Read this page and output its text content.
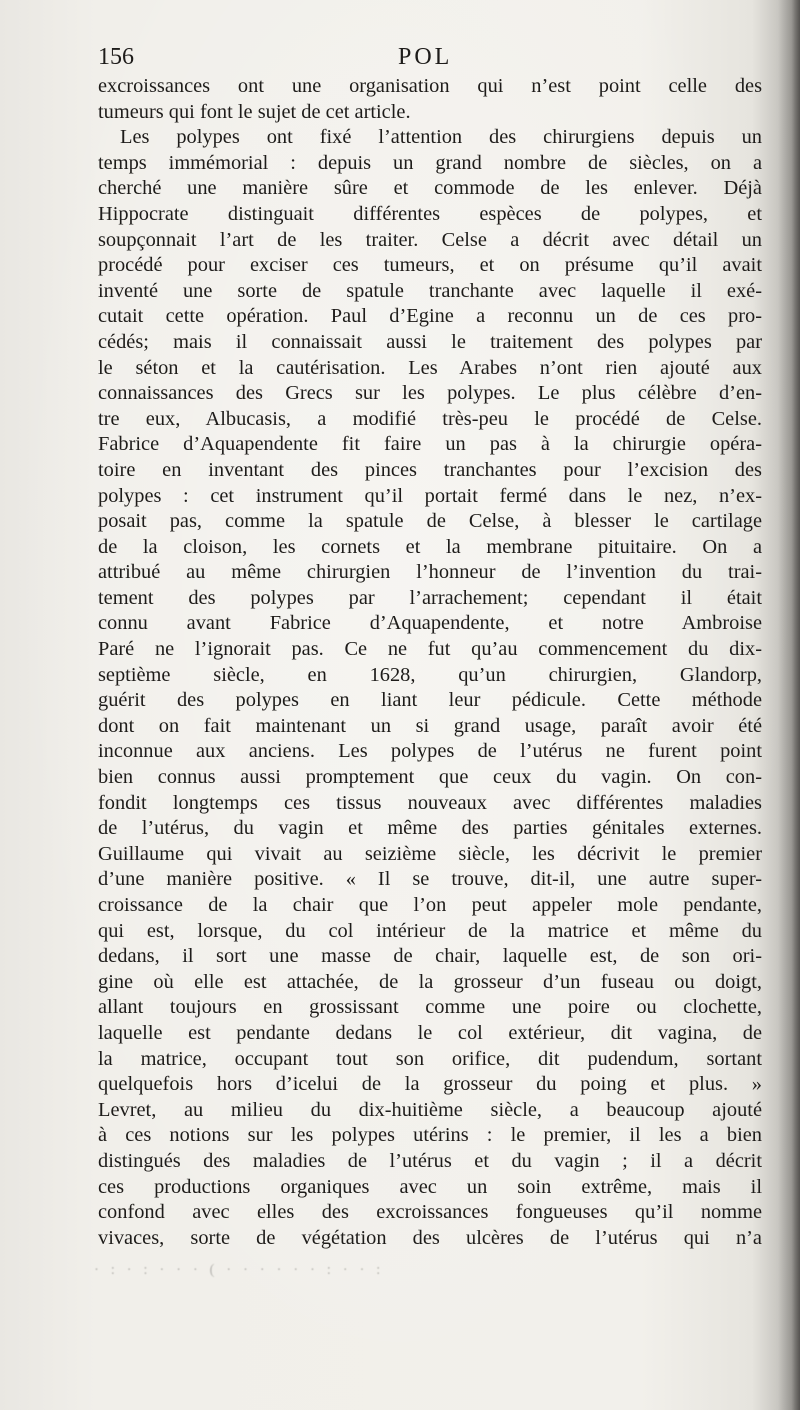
156	POL
excroissances ont une organisation qui n’est point celle des
tumeurs qui font le sujet de cet article.
Les polypes ont fixé l’attention des chirurgiens depuis un
temps immémorial : depuis un grand nombre de siècles, on a
cherché une manière sûre et commode de les enlever. Déjà
Hippocrate distinguait différentes espèces de polypes, et
soupçonnait l’art de les traiter. Celse a décrit avec détail un
procédé pour exciser ces tumeurs, et on présume qu’il avait
inventé une sorte de spatule tranchante avec laquelle il exé-
cutait cette opération. Paul d’Egine a reconnu un de ces pro-
cédés; mais il connaissait aussi le traitement des polypes par
le séton et la cautérisation. Les Arabes n’ont rien ajouté aux
connaissances des Grecs sur les polypes. Le plus célèbre d’en-
tre eux, Albucasis, a modifié très-peu le procédé de Celse.
Fabrice d’Aquapendente fit faire un pas à la chirurgie opéra-
toire en inventant des pinces tranchantes pour l’excision des
polypes : cet instrument qu’il portait fermé dans le nez, n’ex-
posait pas, comme la spatule de Celse, à blesser le cartilage
de la cloison, les cornets et la membrane pituitaire. On a
attribué au même chirurgien l’honneur de l’invention du trai-
tement des polypes par l’arrachement; cependant il était
connu avant Fabrice d’Aquapendente, et notre Ambroise
Paré ne l’ignorait pas. Ce ne fut qu’au commencement du dix-
septième siècle, en 1628, qu’un chirurgien, Glandorp,
guérit des polypes en liant leur pédicule. Cette méthode
dont on fait maintenant un si grand usage, paraît avoir été
inconnue aux anciens. Les polypes de l’utérus ne furent point
bien connus aussi promptement que ceux du vagin. On con-
fondit longtemps ces tissus nouveaux avec différentes maladies
de l’utérus, du vagin et même des parties génitales externes.
Guillaume qui vivait au seizième siècle, les décrivit le premier
d’une manière positive. « Il se trouve, dit-il, une autre super-
croissance de la chair que l’on peut appeler mole pendante,
qui est, lorsque, du col intérieur de la matrice et même du
dedans, il sort une masse de chair, laquelle est, de son ori-
gine où elle est attachée, de la grosseur d’un fuseau ou doigt,
allant toujours en grossissant comme une poire ou clochette,
laquelle est pendante dedans le col extérieur, dit vagina, de
la matrice, occupant tout son orifice, dit pudendum, sortant
quelquefois hors d’icelui de la grosseur du poing et plus. »
Levret, au milieu du dix-huitième siècle, a beaucoup ajouté
à ces notions sur les polypes utérins : le premier, il les a bien
distingués des maladies de l’utérus et du vagin ; il a décrit
ces productions organiques avec un soin extrême, mais il
confond avec elles des excroissances fongueuses qu’il nomme
vivaces, sorte de végétation des ulcères de l’utérus qui n’a
· : · : · · · ( · · · · · · : · · :
